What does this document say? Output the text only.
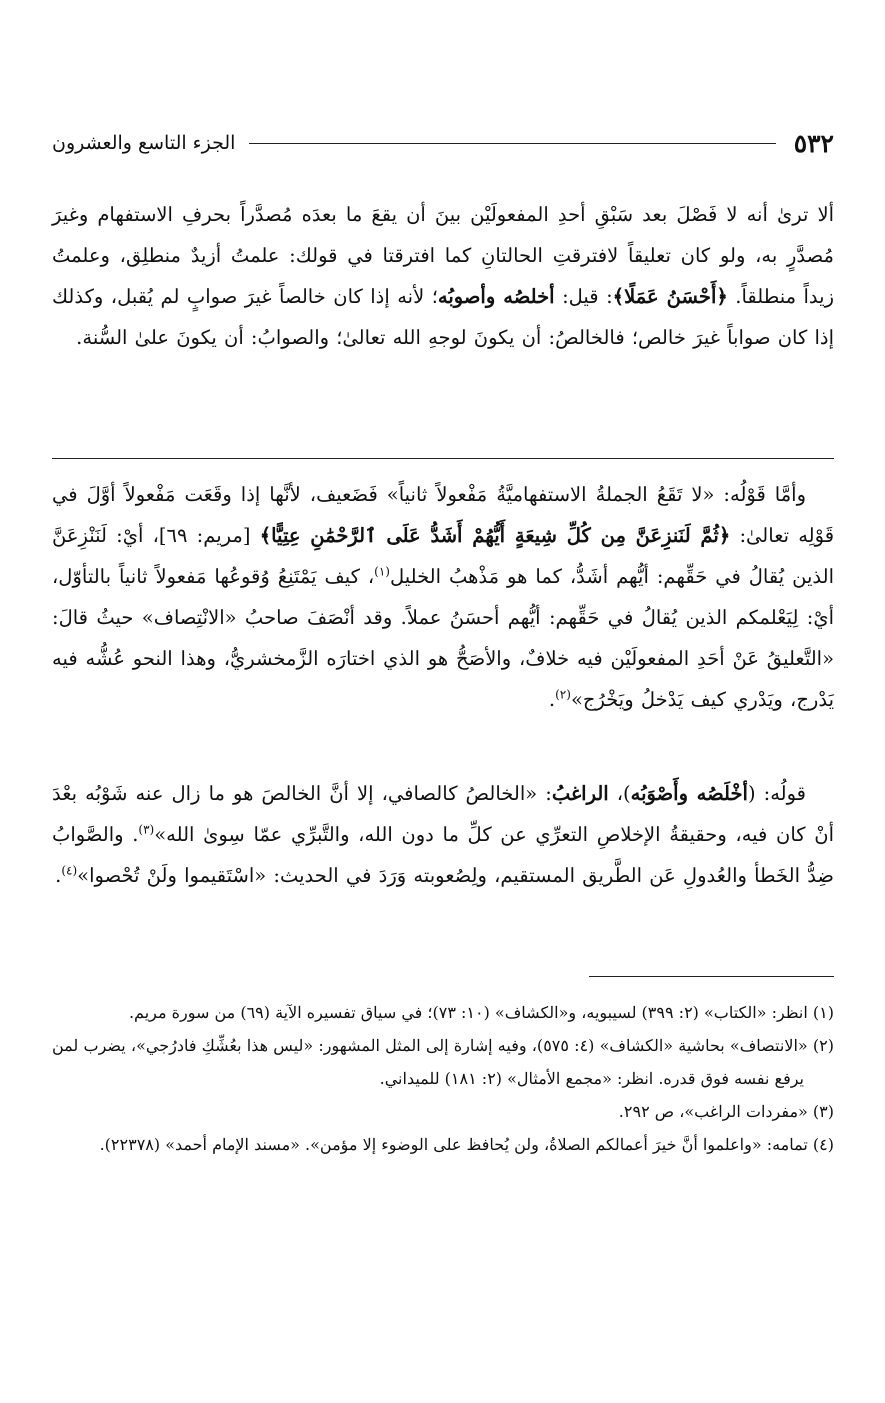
٥٣٢
الجزء التاسع والعشرون
ألا ترىٰ أنه لا فَصْلَ بعد سَبْقِ أحدِ المفعولَيْن بينَ أن يقعَ ما بعدَه مُصدَّراً بحرفِ الاستفهام وغيرَ مُصدَّرٍ به، ولو كان تعليقاً لافترقتِ الحالتانِ كما افترقتا في قولك: علمتُ أزيدٌ منطلِق، وعلمتُ زيداً منطلقاً. ﴿أَحْسَنُ عَمَلًا﴾: قيل: أخلصُه وأصوبُه؛ لأنه إذا كان خالصاً غيرَ صوابٍ لم يُقبل، وكذلك إذا كان صواباً غيرَ خالص؛ فالخالصُ: أن يكونَ لوجهِ الله تعالىٰ؛ والصوابُ: أن يكونَ علىٰ السُّنة.
وأمَّا قَوْلُه: «لا تَقَعُ الجملةُ الاستفهاميَّةُ مَفْعولاً ثانياً» فَضَعيف، لأنَّها إذا وقَعَت مَفْعولاً أوَّلَ في قَوْلِه تعالىٰ: ﴿ثُمَّ لَنَنزِعَنَّ مِن كُلِّ شِيعَةٍ أَيُّهُمْ أَشَدُّ عَلَى ٱلرَّحْمَٰنِ عِتِيًّا﴾ [مريم: ٦٩]، أيْ: لَنَنْزِعَنَّ الذين يُقالُ في حَقِّهم: أيُّهم أشَدُّ، كما هو مَذْهبُ الخليل$^{(١)}$، كيف يَمْتَنِعُ وُقوعُها مَفعولاً ثانياً بالتأوّل، أيْ: لِيَعْلمكم الذين يُقالُ في حَقِّهم: أيُّهم أحسَنُ عملاً. وقد أنْصَفَ صاحبُ «الانْتِصاف» حيثُ قالَ: «التَّعليقُ عَنْ أحَدِ المفعولَيْن فيه خلافٌ، والأصَحُّ هو الذي اختارَه الزَّمخشريُّ، وهذا النحو عُشُّه فيه يَدْرج، ويَدْري كيف يَدْخلُ ويَخْرُج»$^{(٢)}$.
قولُه: (أخْلَصُه وأَصْوَبُه)، الراغبُ: «الخالصُ كالصافي، إلا أنَّ الخالصَ هو ما زال عنه شَوْبُه بعْدَ أنْ كان فيه، وحقيقةُ الإخلاصِ التعرِّي عن كلِّ ما دون الله، والتَّبرِّي عمّا سِوىٰ الله»$^{(٣)}$. والصَّوابُ ضِدُّ الخَطأ والعُدولِ عَن الطَّريق المستقيم، ولِصُعوبته وَرَدَ في الحديث: «اسْتَقيموا ولَنْ تُحْصوا»$^{(٤)}$.
(١) انظر: «الكتاب» (٢: ٣٩٩) لسيبويه، و«الكشاف» (١٠: ٧٣)؛ في سياق تفسيره الآية (٦٩) من سورة مريم.
(٢) «الانتصاف» بحاشية «الكشاف» (٤: ٥٧٥)، وفيه إشارة إلى المثل المشهور: «ليس هذا بعُشِّكِ فادرُجي»، يضرب لمن يرفع نفسه فوق قدره. انظر: «مجمع الأمثال» (٢: ١٨١) للميداني.
(٣) «مفردات الراغب»، ص ٢٩٢.
(٤) تمامه: «واعلموا أنَّ خيرَ أعمالكم الصلاةُ، ولن يُحافظ على الوضوء إلا مؤمن». «مسند الإمام أحمد» (٢٢٣٧٨).
